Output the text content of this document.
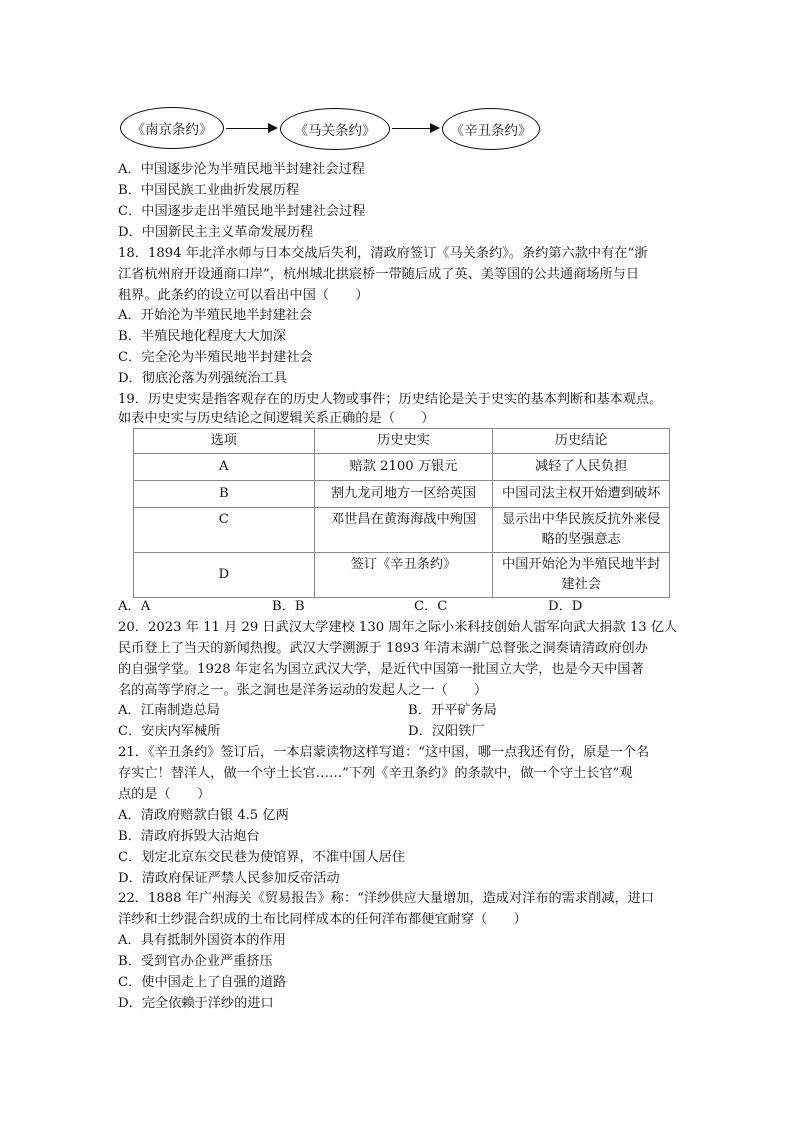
《南京条约》	《马关条约》	《辛丑条约》
A．中国逐步沦为半殖民地半封建社会过程
B．中国民族工业曲折发展历程
C．中国逐步走出半殖民地半封建社会过程
D．中国新民主主义革命发展历程
18．1894 年北洋水师与日本交战后失利，清政府签订《马关条约》。条约第六款中有在“浙
江省杭州府开设通商口岸”，杭州城北拱宸桥一带随后成了英、美等国的公共通商场所与日
租界。此条约的设立可以看出中国（　　）
A．开始沦为半殖民地半封建社会
B．半殖民地化程度大大加深
C．完全沦为半殖民地半封建社会
D．彻底沦落为列强统治工具
19．历史史实是指客观存在的历史人物或事件；历史结论是关于史实的基本判断和基本观点。
如表中史实与历史结论之间逻辑关系正确的是（　　）
选项	历史史实	历史结论
A	赔款 2100 万银元	减轻了人民负担
B	割九龙司地方一区给英国	中国司法主权开始遭到破坏
C	邓世昌在黄海海战中殉国	显示出中华民族反抗外来侵
略的坚强意志

D	签订《辛丑条约》	中国开始沦为半殖民地半封
建社会
A．A	B．B	C．C	D．D
20．2023 年 11 月 29 日武汉大学建校 130 周年之际小米科技创始人雷军向武大捐款 13 亿人
民币登上了当天的新闻热搜。武汉大学溯源于 1893 年清末湖广总督张之洞奏请清政府创办
的自强学堂。1928 年定名为国立武汉大学，是近代中国第一批国立大学，也是今天中国著
名的高等学府之一。张之洞也是洋务运动的发起人之一（　　）
A．江南制造总局	B．开平矿务局
C．安庆内军械所	D．汉阳铁厂
21．《辛丑条约》签订后，一本启蒙读物这样写道：“这中国，哪一点我还有份，原是一个名
存实亡！替洋人，做一个守土长官……”下列《辛丑条约》的条款中，做一个守土长官”观
点的是（　　）
A．清政府赔款白银 4.5 亿两
B．清政府拆毁大沽炮台
C．划定北京东交民巷为使馆界，不准中国人居住
D．清政府保证严禁人民参加反帝活动
22．1888 年广州海关《贸易报告》称：“洋纱供应大量增加，造成对洋布的需求削减，进口
洋纱和土纱混合织成的土布比同样成本的任何洋布都便宜耐穿（　　）
A．具有抵制外国资本的作用
B．受到官办企业严重挤压
C．使中国走上了自强的道路
D．完全依赖于洋纱的进口
